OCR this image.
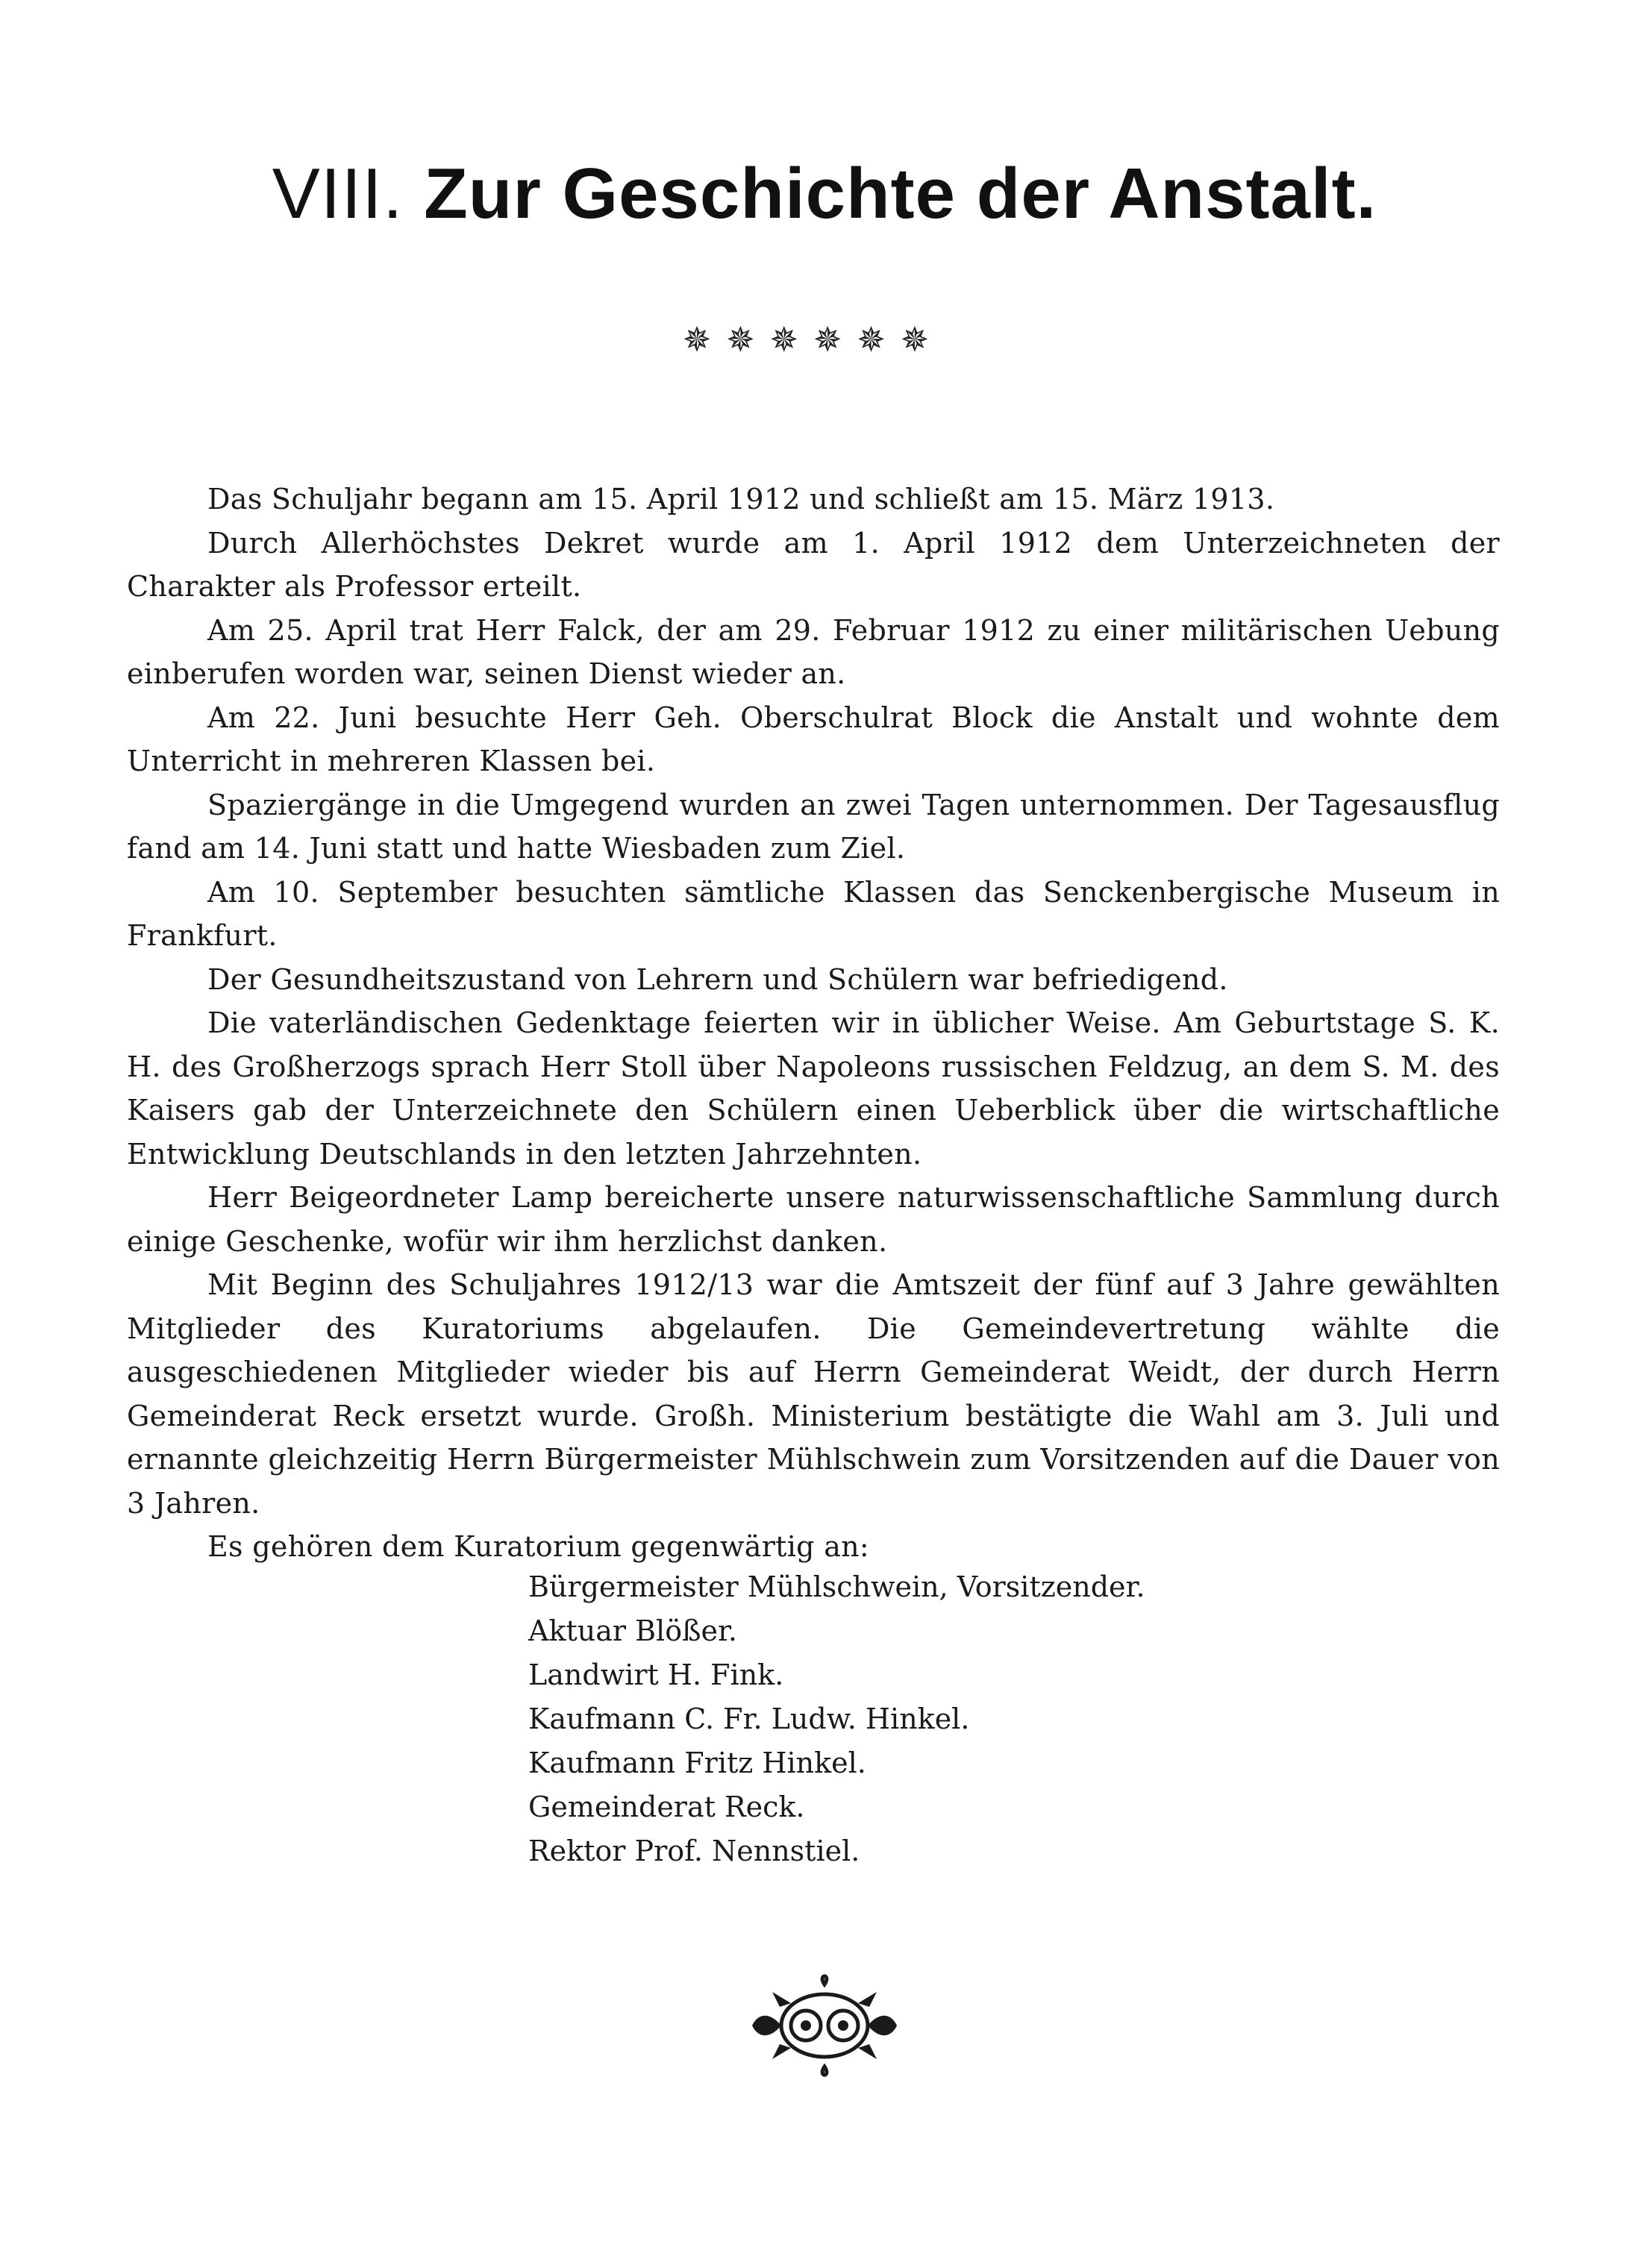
VIII. Zur Geschichte der Anstalt.
✵ ✵ ✵ ✵ ✵ ✵

Das Schuljahr begann am 15. April 1912 und schließt am 15. März 1913.

Durch Allerhöchstes Dekret wurde am 1. April 1912 dem Unterzeichneten der Charakter als Professor erteilt.

Am 25. April trat Herr Falck, der am 29. Februar 1912 zu einer militärischen Uebung einberufen worden war, seinen Dienst wieder an.

Am 22. Juni besuchte Herr Geh. Oberschulrat Block die Anstalt und wohnte dem Unterricht in mehreren Klassen bei.

Spaziergänge in die Umgegend wurden an zwei Tagen unternommen. Der Tagesausflug fand am 14. Juni statt und hatte Wiesbaden zum Ziel.

Am 10. September besuchten sämtliche Klassen das Senckenbergische Museum in Frankfurt.

Der Gesundheitszustand von Lehrern und Schülern war befriedigend.

Die vaterländischen Gedenktage feierten wir in üblicher Weise. Am Geburtstage S. K. H. des Großherzogs sprach Herr Stoll über Napoleons russischen Feldzug, an dem S. M. des Kaisers gab der Unterzeichnete den Schülern einen Ueberblick über die wirtschaftliche Entwicklung Deutschlands in den letzten Jahrzehnten.

Herr Beigeordneter Lamp bereicherte unsere naturwissenschaftliche Sammlung durch einige Geschenke, wofür wir ihm herzlichst danken.

Mit Beginn des Schuljahres 1912/13 war die Amtszeit der fünf auf 3 Jahre gewählten Mitglieder des Kuratoriums abgelaufen. Die Gemeindevertretung wählte die ausgeschiedenen Mitglieder wieder bis auf Herrn Gemeinderat Weidt, der durch Herrn Gemeinderat Reck ersetzt wurde. Großh. Ministerium bestätigte die Wahl am 3. Juli und ernannte gleichzeitig Herrn Bürgermeister Mühlschwein zum Vorsitzenden auf die Dauer von 3 Jahren.

Es gehören dem Kuratorium gegenwärtig an:

Bürgermeister Mühlschwein, Vorsitzender.
Aktuar Blößer.
Landwirt H. Fink.
Kaufmann C. Fr. Ludw. Hinkel.
Kaufmann Fritz Hinkel.
Gemeinderat Reck.
Rektor Prof. Nennstiel.
